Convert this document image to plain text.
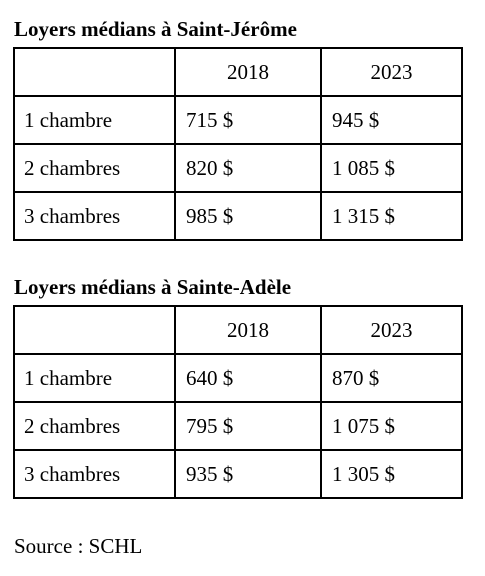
Loyers médians à Saint-Jérôme
	2018	2023
1 chambre	715 $	945 $
2 chambres	820 $	1 085 $
3 chambres	985 $	1 315 $
Loyers médians à Sainte-Adèle
	2018	2023
1 chambre	640 $	870 $
2 chambres	795 $	1 075 $
3 chambres	935 $	1 305 $
Source : SCHL
